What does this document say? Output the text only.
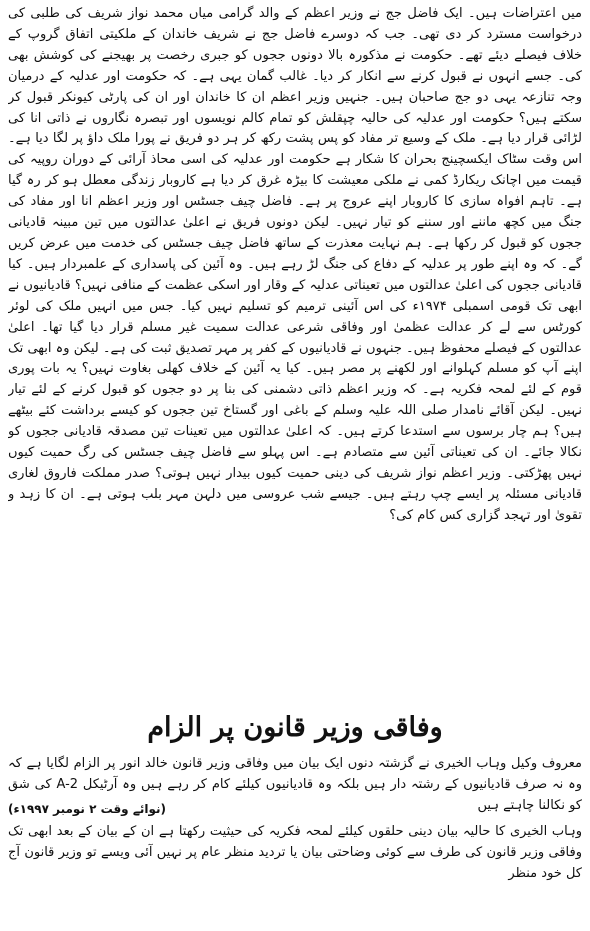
میں اعتراضات ہیں۔ ایک فاضل جج نے وزیر اعظم کے والد گرامی میاں محمد نواز شریف کی طلبی کی درخواست مسترد کر دی تھی۔ جب کہ دوسرے فاضل جج نے شریف خاندان کے ملکیتی اتفاق گروپ کے خلاف فیصلے دیئے تھے۔ حکومت نے مذکورہ بالا دونوں ججوں کو جبری رخصت پر بھیجنے کی کوشش بھی کی۔ جسے انہوں نے قبول کرنے سے انکار کر دیا۔ غالب گمان یہی ہے۔ کہ حکومت اور عدلیہ کے درمیان وجہ تنازعہ یہی دو جج صاحبان ہیں۔ جنہیں وزیر اعظم ان کا خاندان اور ان کی پارٹی کیونکر قبول کر سکتے ہیں؟ حکومت اور عدلیہ کی حالیہ چپقلش کو تمام کالم نویسوں اور تبصرہ نگاروں نے ذاتی انا کی لڑائی قرار دیا ہے۔ ملک کے وسیع تر مفاد کو پس پشت رکھ کر ہر دو فریق نے پورا ملک داؤ پر لگا دیا ہے۔ اس وقت سٹاک ایکسچینج بحران کا شکار ہے حکومت اور عدلیہ کی اسی محاذ آرائی کے دوران روپیہ کی قیمت میں اچانک ریکارڈ کمی نے ملکی معیشت کا بیڑہ غرق کر دیا ہے کاروبار زندگی معطل ہو کر رہ گیا ہے۔ تاہم افواہ سازی کا کاروبار اپنے عروج پر ہے۔ فاضل چیف جسٹس اور وزیر اعظم انا اور مفاد کی جنگ میں کچھ ماننے اور سننے کو تیار نہیں۔ لیکن دونوں فریق نے اعلیٰ عدالتوں میں تین مبینہ قادیانی ججوں کو قبول کر رکھا ہے۔ ہم نہایت معذرت کے ساتھ فاضل چیف جسٹس کی خدمت میں عرض کریں گے۔ کہ وہ اپنے طور پر عدلیہ کے دفاع کی جنگ لڑ رہے ہیں۔ وہ آئین کی پاسداری کے علمبردار ہیں۔ کیا قادیانی ججوں کی اعلیٰ عدالتوں میں تعیناتی عدلیہ کے وقار اور اسکی عظمت کے منافی نہیں؟ قادیانیوں نے ابھی تک قومی اسمبلی ۱۹۷۴ء کی اس آئینی ترمیم کو تسلیم نہیں کیا۔ جس میں انہیں ملک کی لوئر کورٹس سے لے کر عدالت عظمیٰ اور وفاقی شرعی عدالت سمیت غیر مسلم قرار دیا گیا تھا۔ اعلیٰ عدالتوں کے فیصلے محفوظ ہیں۔ جنہوں نے قادیانیوں کے کفر پر مہر تصدیق ثبت کی ہے۔ لیکن وہ ابھی تک اپنے آپ کو مسلم کہلوانے اور لکھنے پر مصر ہیں۔ کیا یہ آئین کے خلاف کھلی بغاوت نہیں؟ یہ بات پوری قوم کے لئے لمحہ فکریہ ہے۔ کہ وزیر اعظم ذاتی دشمنی کی بنا پر دو ججوں کو قبول کرنے کے لئے تیار نہیں۔ لیکن آقائے نامدار صلی اللہ علیہ وسلم کے باغی اور گستاخ تین ججوں کو کیسے برداشت کئے بیٹھے ہیں؟ ہم چار برسوں سے استدعا کرتے ہیں۔ کہ اعلیٰ عدالتوں میں تعینات تین مصدقہ قادیانی ججوں کو نکالا جائے۔ ان کی تعیناتی آئین سے متصادم ہے۔ اس پہلو سے فاضل چیف جسٹس کی رگ حمیت کیوں نہیں پھڑکتی۔ وزیر اعظم نواز شریف کی دینی حمیت کیوں بیدار نہیں ہوتی؟ صدر مملکت فاروق لغاری قادیانی مسئلہ پر ایسے چپ رہتے ہیں۔ جیسے شب عروسی میں دلہن مہر بلب ہوتی ہے۔ ان کا زہد و تقویٰ اور تہجد گزاری کس کام کی؟

وفاقی وزیر قانون پر الزام

معروف وکیل وہاب الخیری نے گزشتہ دنوں ایک بیان میں وفاقی وزیر قانون خالد انور پر الزام لگایا ہے کہ وہ نہ صرف قادیانیوں کے رشتہ دار ہیں بلکہ وہ قادیانیوں کیلئے کام کر رہے ہیں وہ آرٹیکل A-2 کی شق کو نکالنا چاہتے ہیں

(نوائے وقت ۲ نومبر ۱۹۹۷ء)

وہاب الخیری کا حالیہ بیان دینی حلقوں کیلئے لمحہ فکریہ کی حیثیت رکھتا ہے ان کے بیان کے بعد ابھی تک وفاقی وزیر قانون کی طرف سے کوئی وضاحتی بیان یا تردید منظر عام پر نہیں آئی ویسے تو وزیر قانون آج کل خود منظر
